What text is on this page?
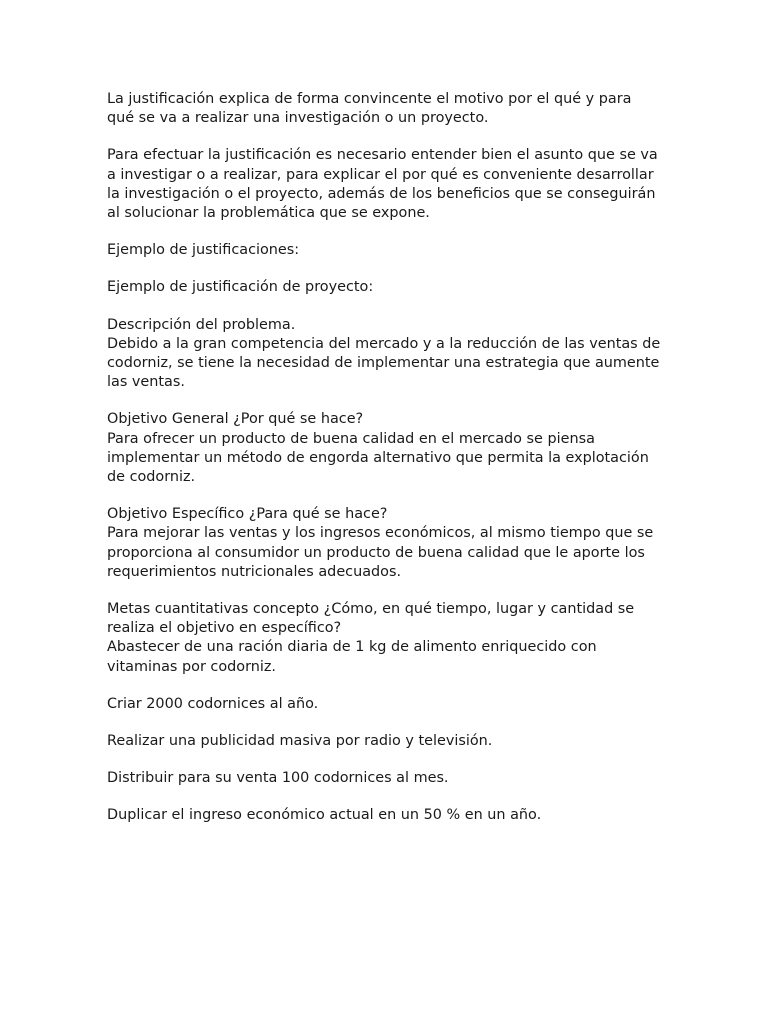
La justificación explica de forma convincente el motivo por el qué y para qué se va a realizar una investigación o un proyecto.

Para efectuar la justificación es necesario entender bien el asunto que se va a investigar o a realizar, para explicar el por qué es conveniente desarrollar la investigación o el proyecto, además de los beneficios que se conseguirán al solucionar la problemática que se expone.

Ejemplo de justificaciones:

Ejemplo de justificación de proyecto:

Descripción del problema.

Debido a la gran competencia del mercado y a la reducción de las ventas de codorniz, se tiene la necesidad de implementar una estrategia que aumente las ventas.

Objetivo General ¿Por qué se hace?

Para ofrecer un producto de buena calidad en el mercado se piensa implementar un método de engorda alternativo que permita la explotación de codorniz.

Objetivo Específico ¿Para qué se hace?

Para mejorar las ventas y los ingresos económicos, al mismo tiempo que se proporciona al consumidor un producto de buena calidad que le aporte los requerimientos nutricionales adecuados.

Metas cuantitativas concepto ¿Cómo, en qué tiempo, lugar y cantidad se realiza el objetivo en específico?

Abastecer de una ración diaria de 1 kg de alimento enriquecido con vitaminas por codorniz.

Criar 2000 codornices al año.

Realizar una publicidad masiva por radio y televisión.

Distribuir para su venta 100 codornices al mes.

Duplicar el ingreso económico actual en un 50 % en un año.
